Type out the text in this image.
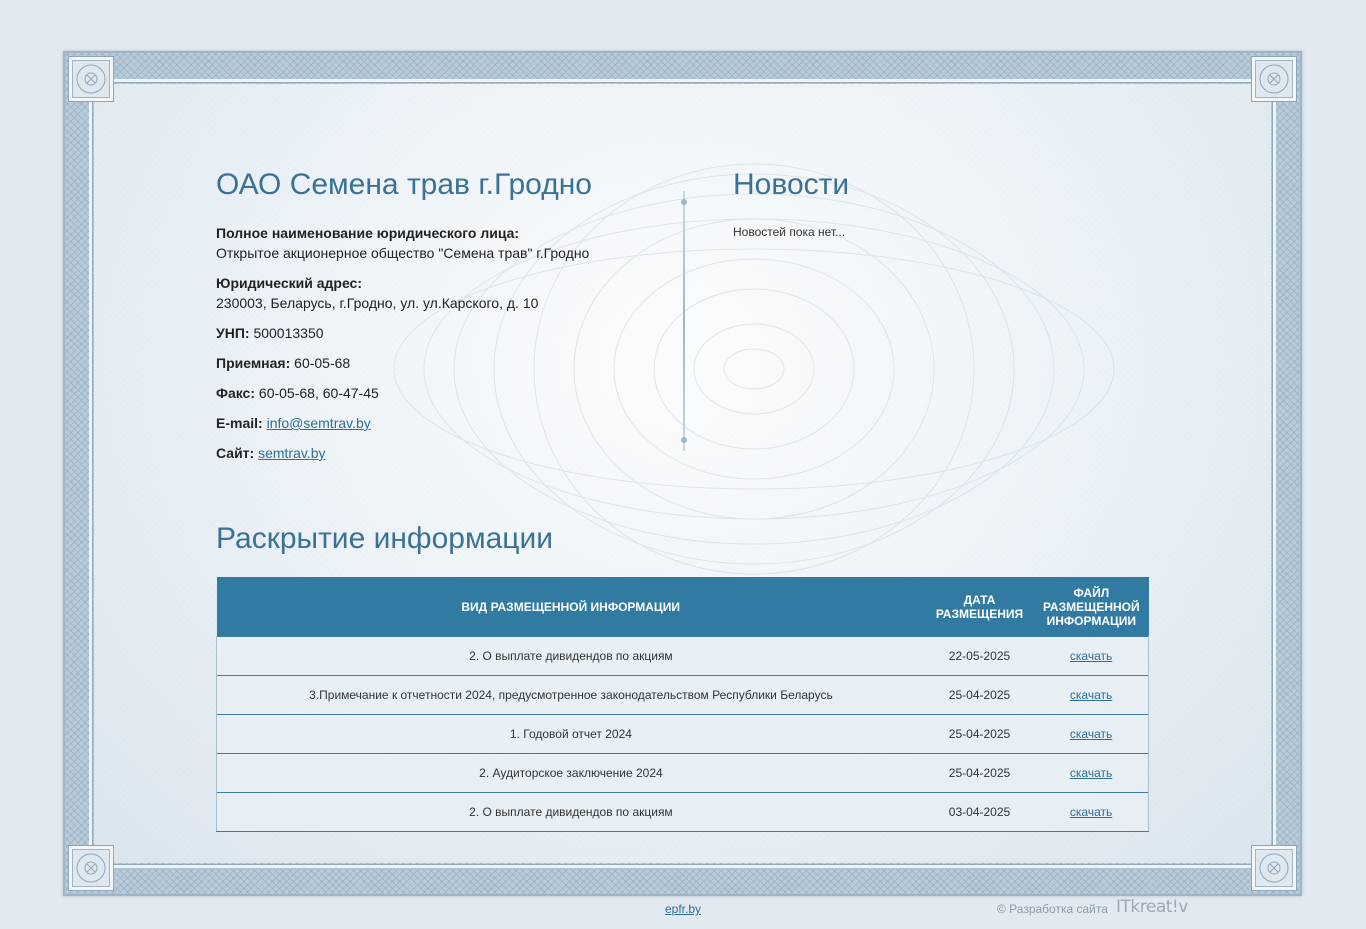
ОАО Семена трав г.Гродно
Полное наименование юридического лица:
Открытое акционерное общество "Семена трав" г.Гродно
Юридический адрес:
230003, Беларусь, г.Гродно, ул. ул.Карского, д. 10
УНП: 500013350
Приемная: 60-05-68
Факс: 60-05-68, 60-47-45
E-mail: info@semtrav.by
Сайт: semtrav.by
Новости
Новостей пока нет...
Раскрытие информации
ВИД РАЗМЕЩЕННОЙ ИНФОРМАЦИИ	ДАТА РАЗМЕЩЕНИЯ	ФАЙЛ РАЗМЕЩЕННОЙ ИНФОРМАЦИИ
2. О выплате дивидендов по акциям	22-05-2025	скачать
3.Примечание к отчетности 2024, предусмотренное законодательством Республики Беларусь	25-04-2025	скачать
1. Годовой отчет 2024	25-04-2025	скачать
2. Аудиторское заключение 2024	25-04-2025	скачать
2. О выплате дивидендов по акциям	03-04-2025	скачать
epfr.by	© Разработка сайта ITkreat!v
